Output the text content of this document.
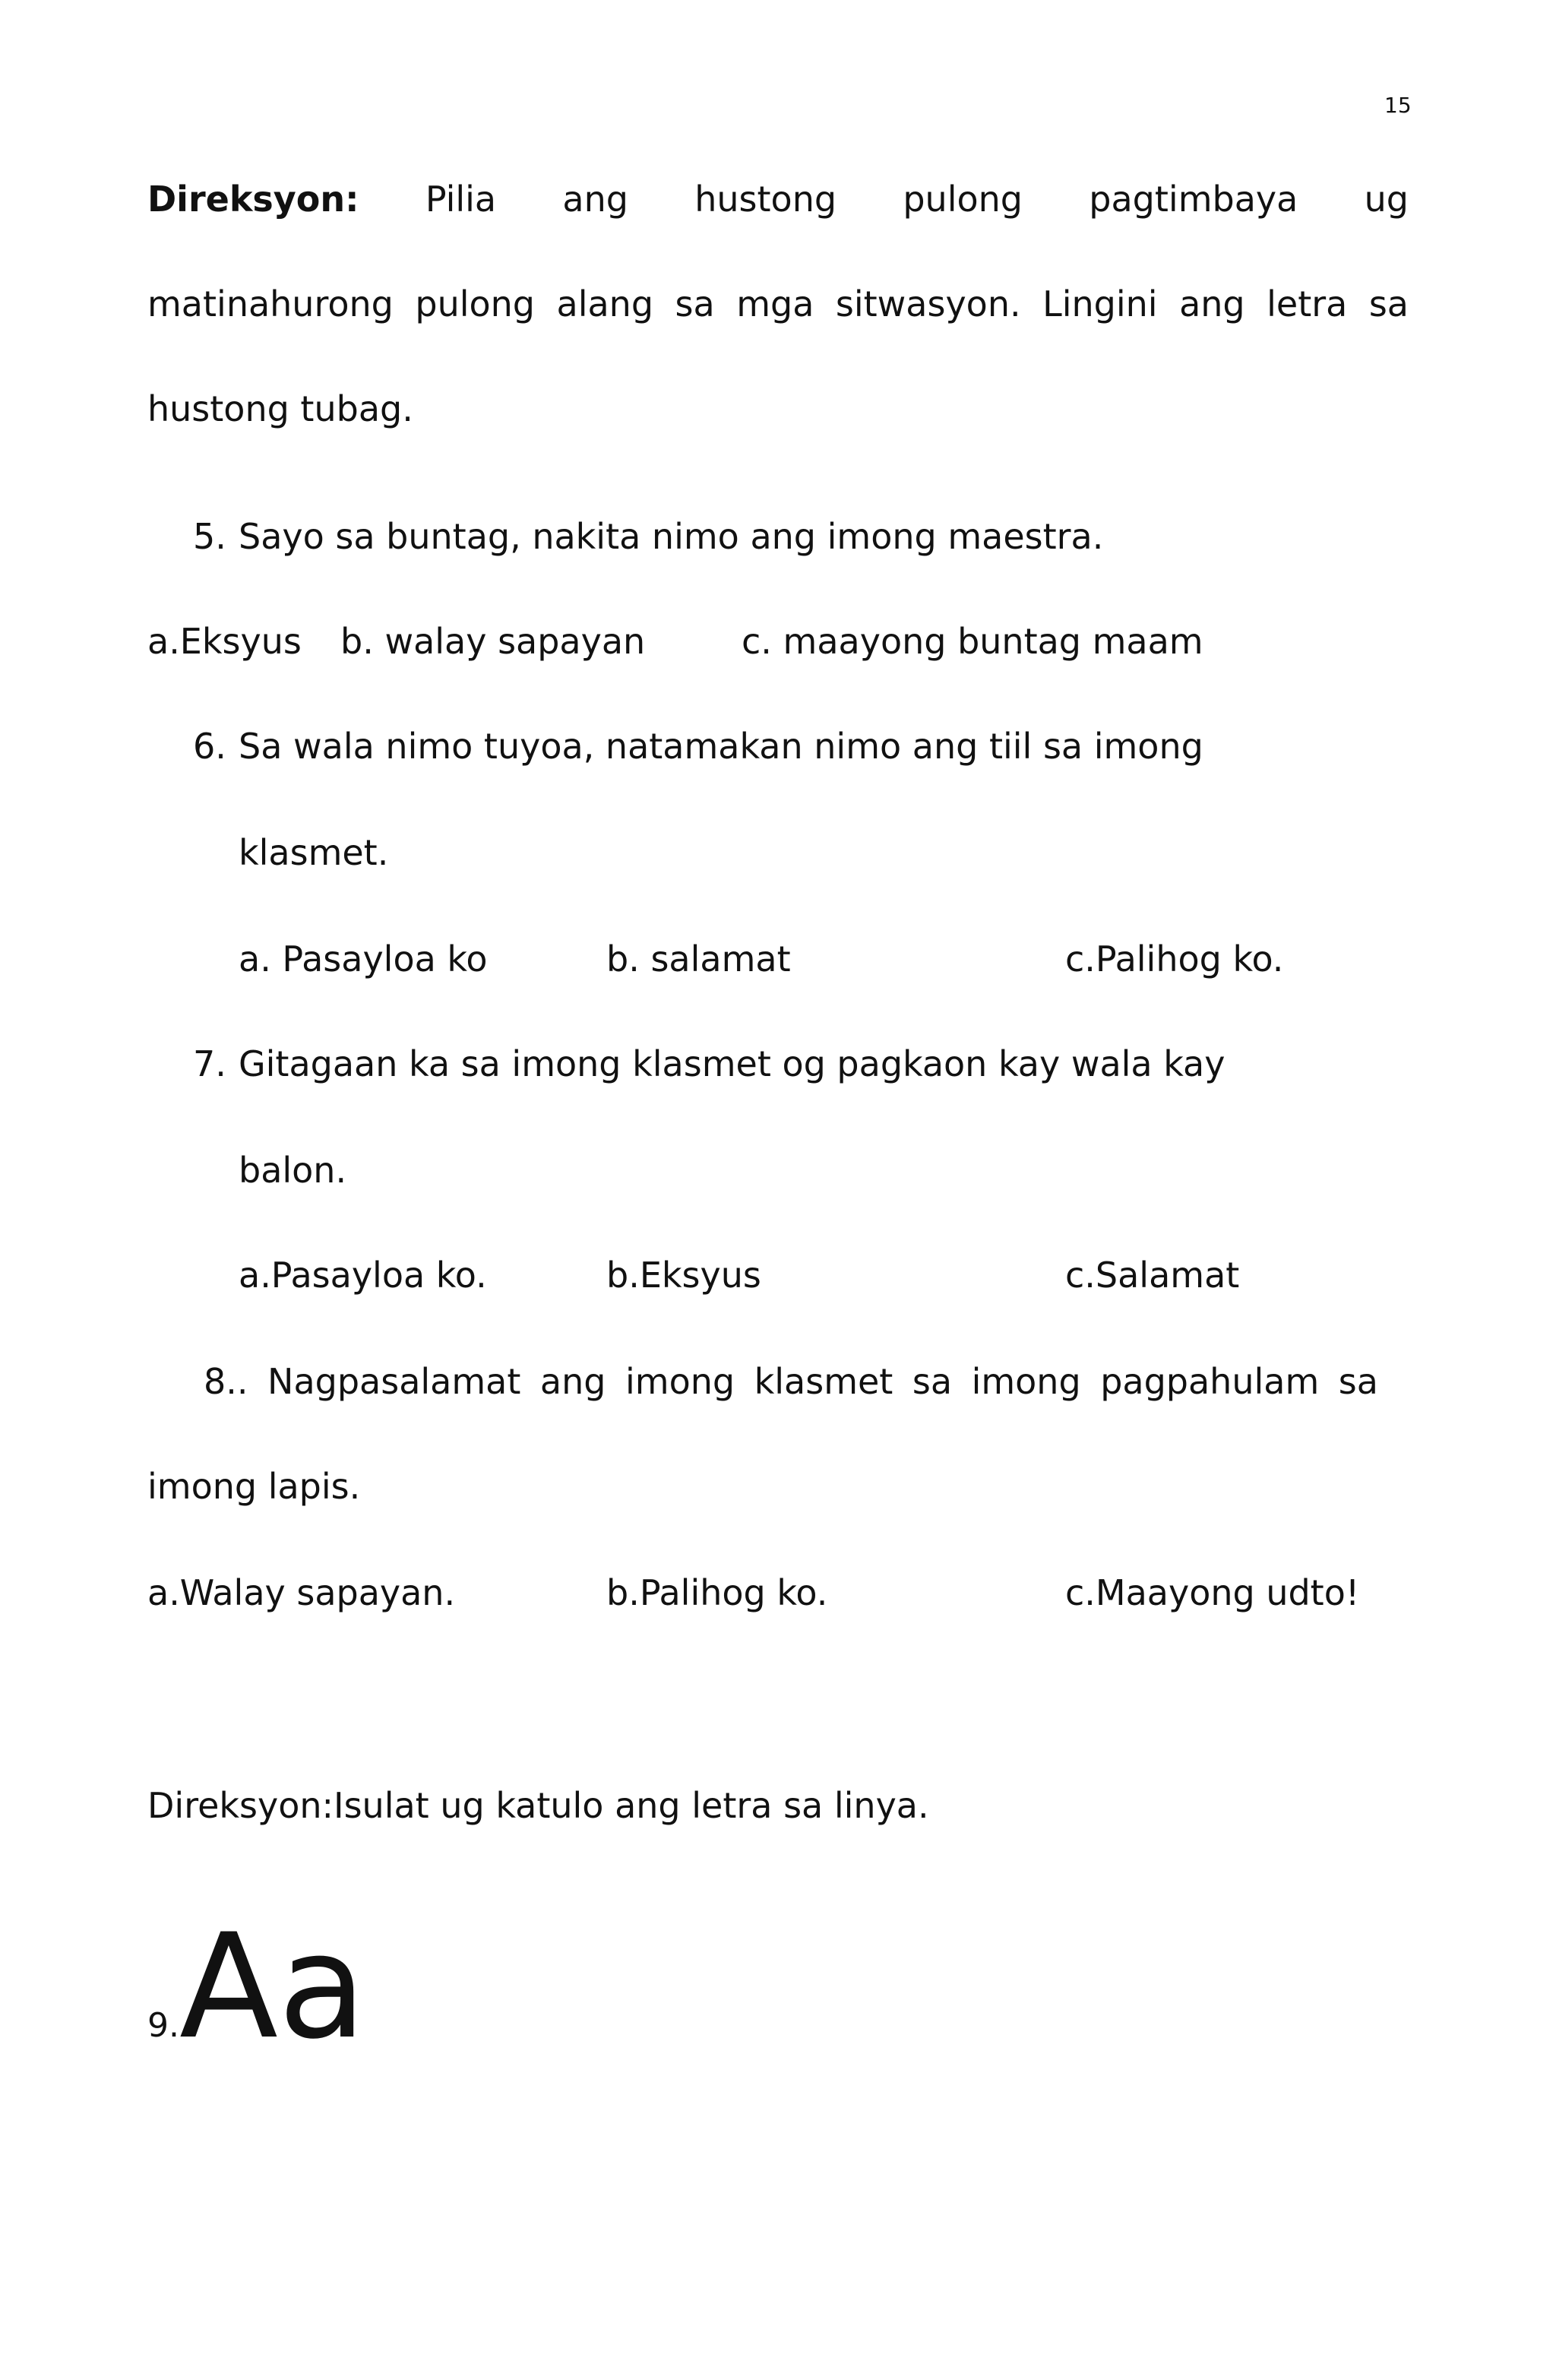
15
Direksyon: Pilia ang hustong pulong pagtimbaya ug
matinahurong pulong alang sa mga sitwasyon. Lingini ang letra sa
hustong tubag.
5. Sayo sa buntag, nakita nimo ang imong maestra.
a.Eksyus b. walay sapayan	c. maayong buntag maam
6. Sa wala nimo tuyoa, natamakan nimo ang tiil sa imong
klasmet.
a. Pasayloa ko	b. salamat	c.Palihog ko.
7. Gitagaan ka sa imong klasmet og pagkaon kay wala kay
balon.
a.Pasayloa ko.	b.Eksyus	c.Salamat
8.. Nagpasalamat ang imong klasmet sa imong pagpahulam sa
imong lapis.
a.Walay sapayan.	b.Palihog ko.	c.Maayong udto!
Direksyon:Isulat ug katulo ang letra sa linya.
9.Aa
